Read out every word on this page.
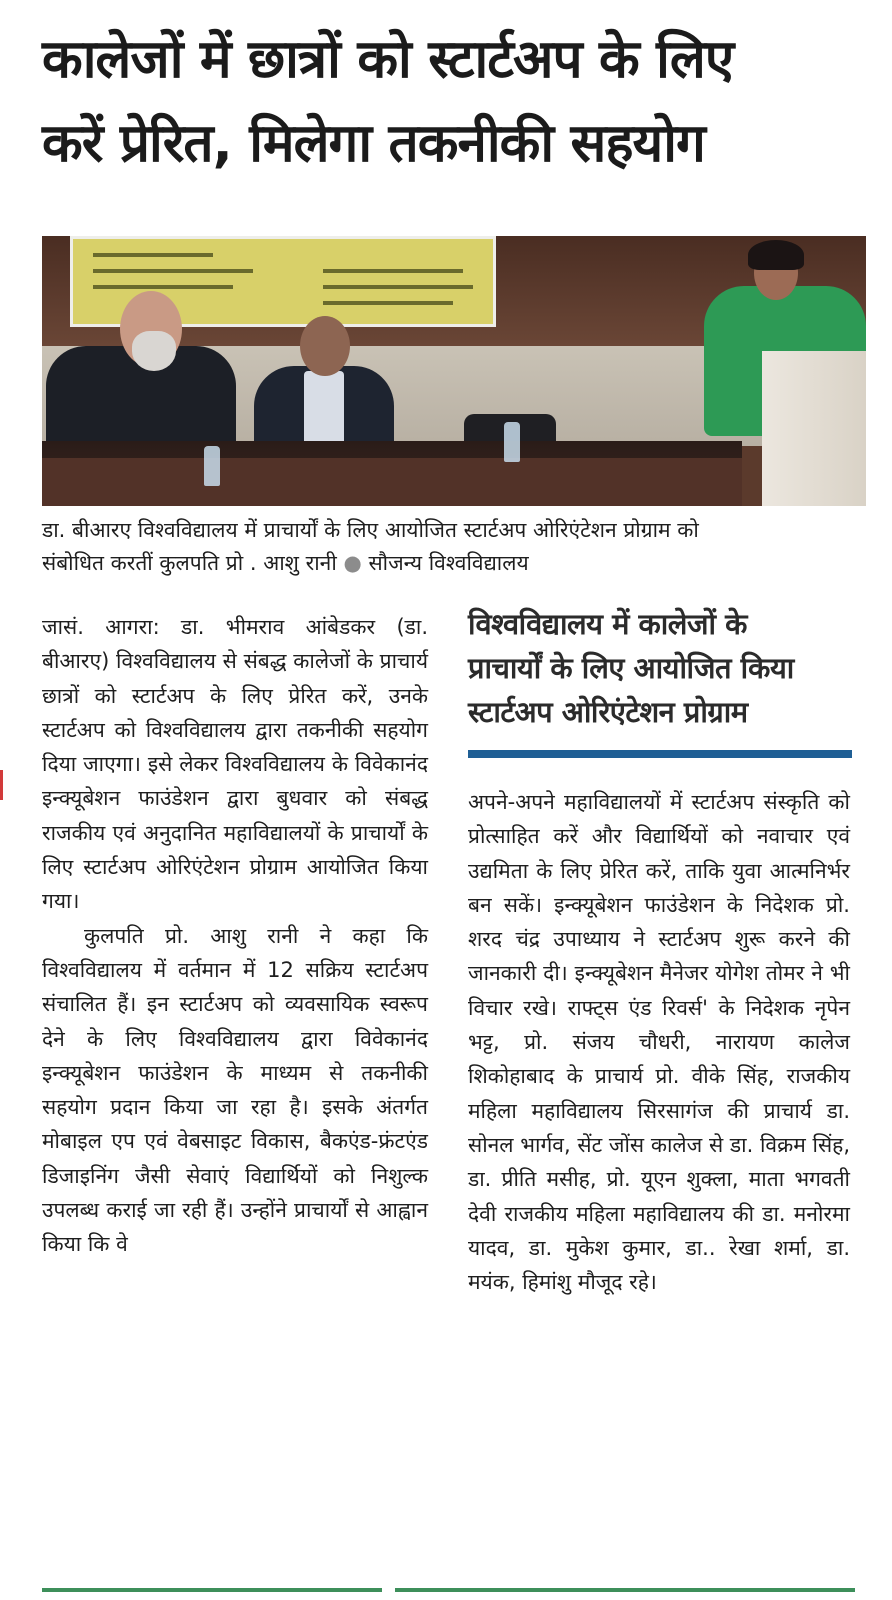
कालेजों में छात्रों को स्टार्टअप के लिए
करें प्रेरित, मिलेगा तकनीकी सहयोग
डा. बीआरए विश्वविद्यालय में प्राचार्यों के लिए आयोजित स्टार्टअप ओरिएंटेशन प्रोग्राम को
संबोधित करतीं कुलपति प्रो . आशु रानी ● सौजन्य विश्वविद्यालय

जासं. आगरा: डा. भीमराव आंबेडकर (डा. बीआरए) विश्वविद्यालय से संबद्ध कालेजों के प्राचार्य छात्रों को स्टार्टअप के लिए प्रेरित करें, उनके स्टार्टअप को विश्वविद्यालय द्वारा तकनीकी सहयोग दिया जाएगा। इसे लेकर विश्वविद्यालय के विवेकानंद इन्क्यूबेशन फाउंडेशन द्वारा बुधवार को संबद्ध राजकीय एवं अनुदानित महाविद्यालयों के प्राचार्यों के लिए स्टार्टअप ओरिएंटेशन प्रोग्राम आयोजित किया गया।

कुलपति प्रो. आशु रानी ने कहा कि विश्वविद्यालय में वर्तमान में 12 सक्रिय स्टार्टअप संचालित हैं। इन स्टार्टअप को व्यवसायिक स्वरूप देने के लिए विश्वविद्यालय द्वारा विवेकानंद इन्क्यूबेशन फाउंडेशन के माध्यम से तकनीकी सहयोग प्रदान किया जा रहा है। इसके अंतर्गत मोबाइल एप एवं वेबसाइट विकास, बैकएंड-फ्रंटएंड डिजाइनिंग जैसी सेवाएं विद्यार्थियों को निशुल्क उपलब्ध कराई जा रही हैं। उन्होंने प्राचार्यों से आह्वान किया कि वे

विश्वविद्यालय में कालेजों के
प्राचार्यों के लिए आयोजित किया
स्टार्टअप ओरिएंटेशन प्रोग्राम

अपने-अपने महाविद्यालयों में स्टार्टअप संस्कृति को प्रोत्साहित करें और विद्यार्थियों को नवाचार एवं उद्यमिता के लिए प्रेरित करें, ताकि युवा आत्मनिर्भर बन सकें। इन्क्यूबेशन फाउंडेशन के निदेशक प्रो. शरद चंद्र उपाध्याय ने स्टार्टअप शुरू करने की जानकारी दी। इन्क्यूबेशन मैनेजर योगेश तोमर ने भी विचार रखे। राफ्ट्स एंड रिवर्स' के निदेशक नृपेन भट्ट, प्रो. संजय चौधरी, नारायण कालेज शिकोहाबाद के प्राचार्य प्रो. वीके सिंह, राजकीय महिला महाविद्यालय सिरसागंज की प्राचार्य डा. सोनल भार्गव, सेंट जोंस कालेज से डा. विक्रम सिंह, डा. प्रीति मसीह, प्रो. यूएन शुक्ला, माता भगवती देवी राजकीय महिला महाविद्यालय की डा. मनोरमा यादव, डा. मुकेश कुमार, डा.. रेखा शर्मा, डा. मयंक, हिमांशु मौजूद रहे।
